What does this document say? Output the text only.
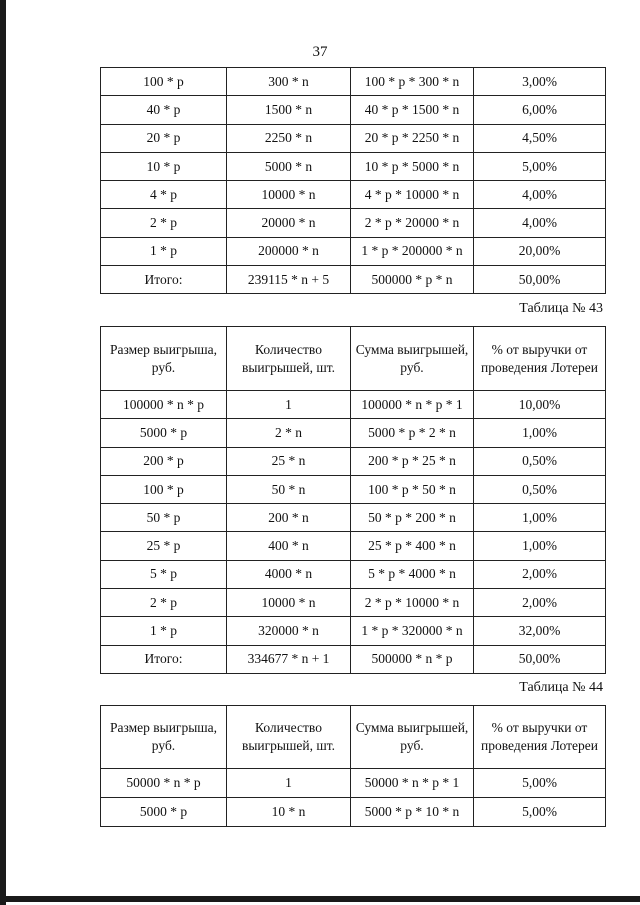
37
100 * p	300 * n	100 * p * 300 * n	3,00%
40 * p	1500 * n	40 * p * 1500 * n	6,00%
20 * p	2250 * n	20 * p * 2250 * n	4,50%
10 * p	5000 * n	10 * p * 5000 * n	5,00%
4 * p	10000 * n	4 * p * 10000 * n	4,00%
2 * p	20000 * n	2 * p * 20000 * n	4,00%
1 * p	200000 * n	1 * p * 200000 * n	20,00%
Итого:	239115 * n + 5	500000 * p * n	50,00%
Таблица № 43
Размер выигрыша, руб.	Количество выигрышей, шт.	Сумма выигрышей, руб.	% от выручки от проведения Лотереи
100000 * n * p	1	100000 * n * p * 1	10,00%
5000 * p	2 * n	5000 * p * 2 * n	1,00%
200 * p	25 * n	200 * p * 25 * n	0,50%
100 * p	50 * n	100 * p * 50 * n	0,50%
50 * p	200 * n	50 * p * 200 * n	1,00%
25 * p	400 * n	25 * p * 400 * n	1,00%
5 * p	4000 * n	5 * p * 4000 * n	2,00%
2 * p	10000 * n	2 * p * 10000 * n	2,00%
1 * p	320000 * n	1 * p * 320000 * n	32,00%
Итого:	334677 * n + 1	500000 * n * p	50,00%
Таблица № 44
Размер выигрыша, руб.	Количество выигрышей, шт.	Сумма выигрышей, руб.	% от выручки от проведения Лотереи
50000 * n * p	1	50000 * n * p * 1	5,00%
5000 * p	10 * n	5000 * p * 10 * n	5,00%
